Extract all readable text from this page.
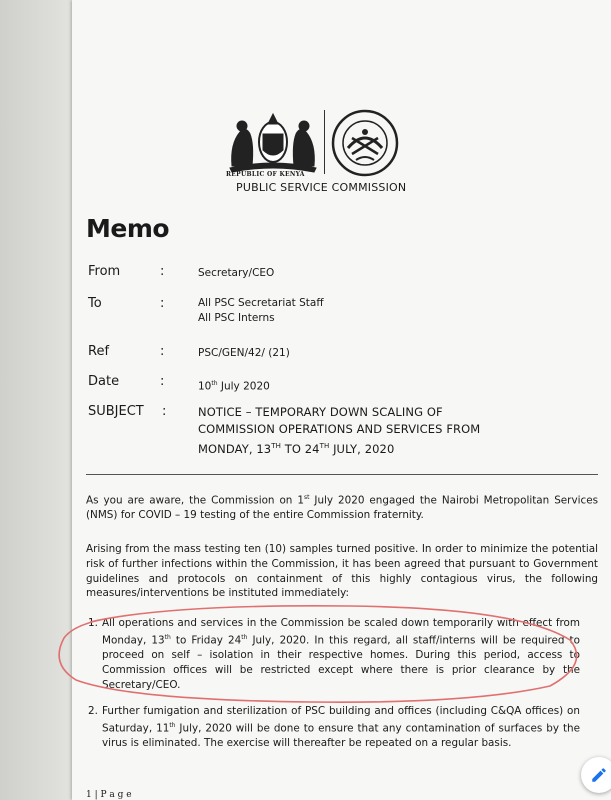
REPUBLIC OF KENYA
PUBLIC SERVICE COMMISSION
Memo
From	:	Secretary/CEO
To	:	All PSC Secretariat Staff
All PSC Interns
Ref	:	PSC/GEN/42/ (21)
Date	:	10th July 2020
SUBJECT :	NOTICE – TEMPORARY DOWN SCALING OF
COMMISSION OPERATIONS AND SERVICES FROM
MONDAY, 13TH TO 24TH JULY, 2020
As you are aware, the Commission on 1st July 2020 engaged the Nairobi Metropolitan Services (NMS) for COVID – 19 testing of the entire Commission fraternity.
Arising from the mass testing ten (10) samples turned positive. In order to minimize the potential risk of further infections within the Commission, it has been agreed that pursuant to Government guidelines and protocols on containment of this highly contagious virus, the following measures/interventions be instituted immediately:
1. All operations and services in the Commission be scaled down temporarily with effect from Monday, 13th to Friday 24th July, 2020. In this regard, all staff/interns will be required to proceed on self – isolation in their respective homes. During this period, access to Commission offices will be restricted except where there is prior clearance by the Secretary/CEO.
2. Further fumigation and sterilization of PSC building and offices (including C&QA offices) on Saturday, 11th July, 2020 will be done to ensure that any contamination of surfaces by the virus is eliminated. The exercise will thereafter be repeated on a regular basis.
1 | P a g e
